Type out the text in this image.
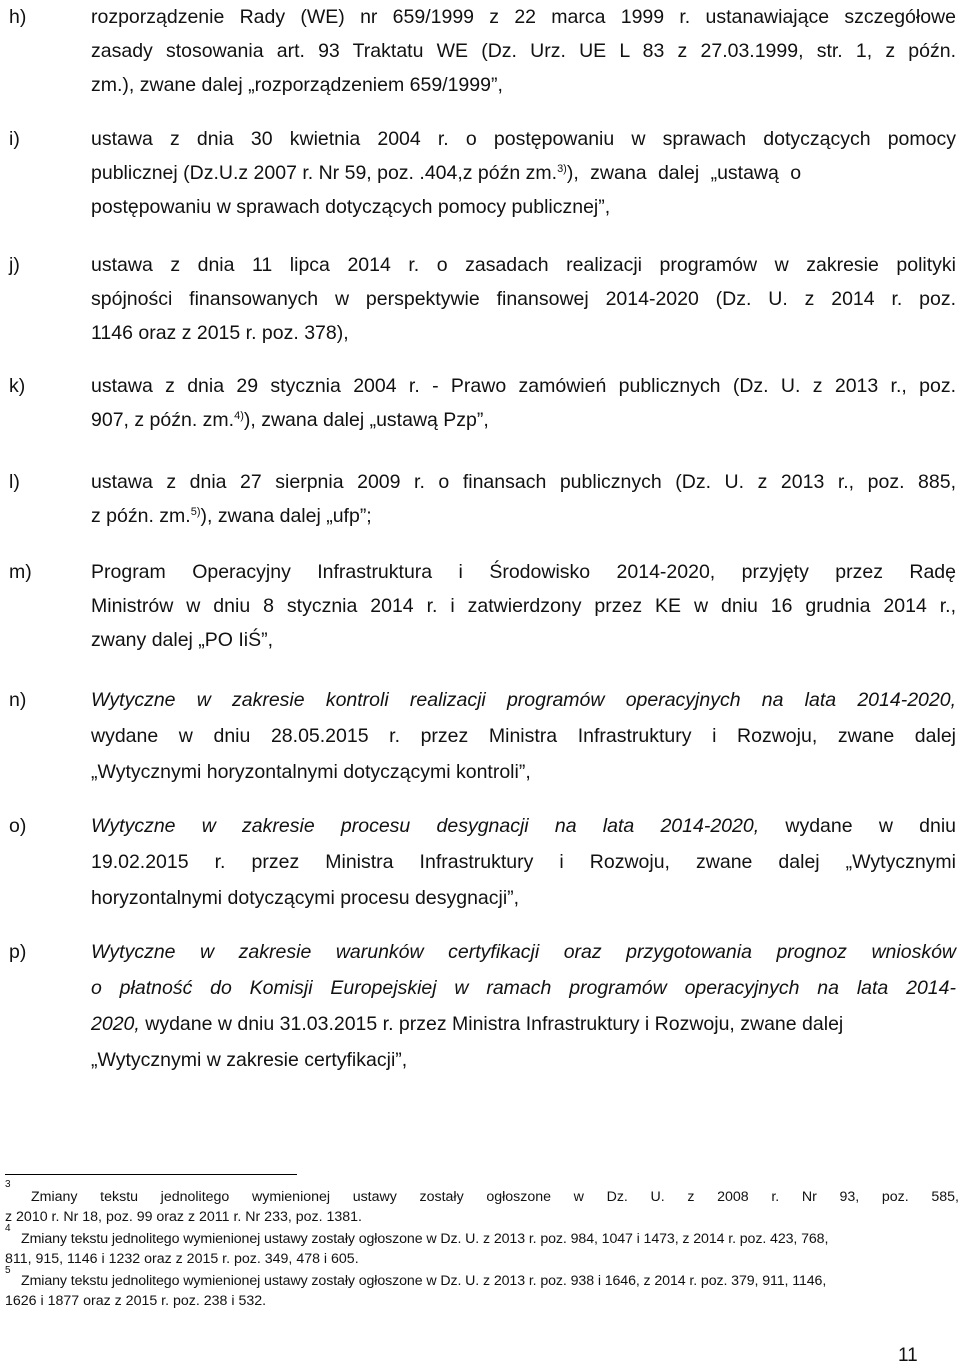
h)	rozporządzenie Rady (WE) nr 659/1999 z 22 marca 1999 r. ustanawiające szczegółowe
zasady stosowania art. 93 Traktatu WE (Dz. Urz. UE L 83 z 27.03.1999, str. 1, z późn.
zm.), zwane dalej „rozporządzeniem 659/1999”,
i)	ustawa z dnia 30 kwietnia 2004 r. o postępowaniu w sprawach dotyczących pomocy
publicznej (Dz.U.z 2007 r. Nr 59, poz. .404,z późn zm.$^{3)}$), zwana dalej „ustawą o
postępowaniu w sprawach dotyczących pomocy publicznej”,
j)	ustawa z dnia 11 lipca 2014 r. o zasadach realizacji programów w zakresie polityki
spójności finansowanych w perspektywie finansowej 2014-2020 (Dz. U. z 2014 r. poz.
1146 oraz z 2015 r. poz. 378),
k)	ustawa z dnia 29 stycznia 2004 r. - Prawo zamówień publicznych (Dz. U. z 2013 r., poz.
907, z późn. zm.$^{4)}$), zwana dalej „ustawą Pzp”,
l)	ustawa z dnia 27 sierpnia 2009 r. o finansach publicznych (Dz. U. z 2013 r., poz. 885,
z późn. zm.$^{5)}$), zwana dalej „ufp”;
m)	Program Operacyjny Infrastruktura i Środowisko 2014-2020, przyjęty przez Radę
Ministrów w dniu 8 stycznia 2014 r. i zatwierdzony przez KE w dniu 16 grudnia 2014 r.,
zwany dalej „PO IiŚ”,
n)	Wytyczne w zakresie kontroli realizacji programów operacyjnych na lata 2014-2020,
wydane w dniu 28.05.2015 r. przez Ministra Infrastruktury i Rozwoju, zwane dalej
„Wytycznymi horyzontalnymi dotyczącymi kontroli”,
o)	Wytyczne w zakresie procesu desygnacji na lata 2014-2020, wydane w dniu
19.02.2015 r. przez Ministra Infrastruktury i Rozwoju, zwane dalej „Wytycznymi
horyzontalnymi dotyczącymi procesu desygnacji”,
p)	Wytyczne w zakresie warunków certyfikacji oraz przygotowania prognoz wniosków
o płatność do Komisji Europejskiej w ramach programów operacyjnych na lata 2014-
2020, wydane w dniu 31.03.2015 r. przez Ministra Infrastruktury i Rozwoju, zwane dalej
„Wytycznymi w zakresie certyfikacji”,
3
Zmiany tekstu jednolitego wymienionej ustawy zostały ogłoszone w Dz. U. z 2008 r. Nr 93, poz. 585,
z 2010 r. Nr 18, poz. 99 oraz z 2011 r. Nr 233, poz. 1381.
4
Zmiany tekstu jednolitego wymienionej ustawy zostały ogłoszone w Dz. U. z 2013 r. poz. 984, 1047 i 1473, z 2014 r. poz. 423, 768,
811, 915, 1146 i 1232 oraz z 2015 r. poz. 349, 478 i 605.
5
Zmiany tekstu jednolitego wymienionej ustawy zostały ogłoszone w Dz. U. z 2013 r. poz. 938 i 1646, z 2014 r. poz. 379, 911, 1146,
1626 i 1877 oraz z 2015 r. poz. 238 i 532.
11
